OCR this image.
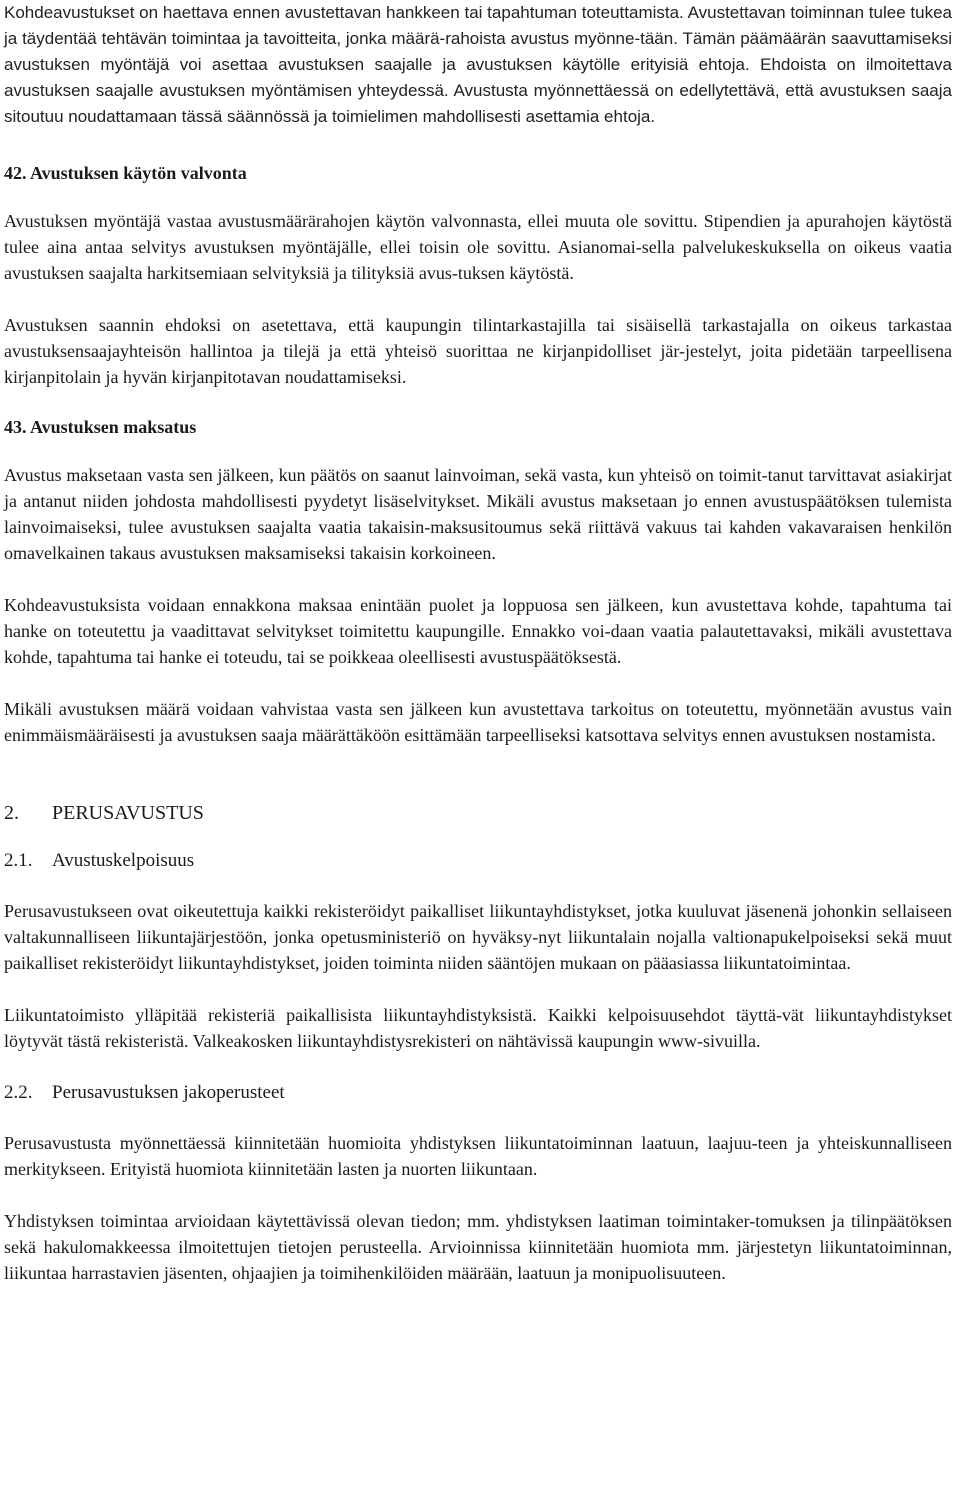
Kohdeavustukset on haettava ennen avustettavan hankkeen tai tapahtuman toteuttamista. Avustettavan toiminnan tulee tukea ja täydentää tehtävän toimintaa ja tavoitteita, jonka määrä-rahoista avustus myönne-tään. Tämän päämäärän saavuttamiseksi avustuksen myöntäjä voi asettaa avustuksen saajalle ja avustuksen käytölle erityisiä ehtoja. Ehdoista on ilmoitettava avustuksen saajalle avustuksen myöntämisen yhteydessä. Avustusta myönnettäessä on edellytettävä, että avustuksen saaja sitoutuu noudattamaan tässä säännössä ja toimielimen mahdollisesti asettamia ehtoja.

42. Avustuksen käytön valvonta

Avustuksen myöntäjä vastaa avustusmäärärahojen käytön valvonnasta, ellei muuta ole sovittu. Stipendien ja apurahojen käytöstä tulee aina antaa selvitys avustuksen myöntäjälle, ellei toisin ole sovittu. Asianomai-sella palvelukeskuksella on oikeus vaatia avustuksen saajalta harkitsemiaan selvityksiä ja tilityksiä avus-tuksen käytöstä.

Avustuksen saannin ehdoksi on asetettava, että kaupungin tilintarkastajilla tai sisäisellä tarkastajalla on oikeus tarkastaa avustuksensaajayhteisön hallintoa ja tilejä ja että yhteisö suorittaa ne kirjanpidolliset jär-jestelyt, joita pidetään tarpeellisena kirjanpitolain ja hyvän kirjanpitotavan noudattamiseksi.

43. Avustuksen maksatus

Avustus maksetaan vasta sen jälkeen, kun päätös on saanut lainvoiman, sekä vasta, kun yhteisö on toimit-tanut tarvittavat asiakirjat ja antanut niiden johdosta mahdollisesti pyydetyt lisäselvitykset. Mikäli avustus maksetaan jo ennen avustuspäätöksen tulemista lainvoimaiseksi, tulee avustuksen saajalta vaatia takaisin-maksusitoumus sekä riittävä vakuus tai kahden vakavaraisen henkilön omavelkainen takaus avustuksen maksamiseksi takaisin korkoineen.

Kohdeavustuksista voidaan ennakkona maksaa enintään puolet ja loppuosa sen jälkeen, kun avustettava kohde, tapahtuma tai hanke on toteutettu ja vaadittavat selvitykset toimitettu kaupungille. Ennakko voi-daan vaatia palautettavaksi, mikäli avustettava kohde, tapahtuma tai hanke ei toteudu, tai se poikkeaa oleellisesti avustuspäätöksestä.

Mikäli avustuksen määrä voidaan vahvistaa vasta sen jälkeen kun avustettava tarkoitus on toteutettu, myönnetään avustus vain enimmäismääräisesti ja avustuksen saaja määrättäköön esittämään tarpeelliseksi katsottava selvitys ennen avustuksen nostamista.

2. PERUSAVUSTUS

2.1. Avustuskelpoisuus

Perusavustukseen ovat oikeutettuja kaikki rekisteröidyt paikalliset liikuntayhdistykset, jotka kuuluvat jäsenenä johonkin sellaiseen valtakunnalliseen liikuntajärjestöön, jonka opetusministeriö on hyväksy-nyt liikuntalain nojalla valtionapukelpoiseksi sekä muut paikalliset rekisteröidyt liikuntayhdistykset, joiden toiminta niiden sääntöjen mukaan on pääasiassa liikuntatoimintaa.

Liikuntatoimisto ylläpitää rekisteriä paikallisista liikuntayhdistyksistä. Kaikki kelpoisuusehdot täyttä-vät liikuntayhdistykset löytyvät tästä rekisteristä. Valkeakosken liikuntayhdistysrekisteri on nähtävissä kaupungin www-sivuilla.

2.2. Perusavustuksen jakoperusteet

Perusavustusta myönnettäessä kiinnitetään huomioita yhdistyksen liikuntatoiminnan laatuun, laajuu-teen ja yhteiskunnalliseen merkitykseen. Erityistä huomiota kiinnitetään lasten ja nuorten liikuntaan.

Yhdistyksen toimintaa arvioidaan käytettävissä olevan tiedon; mm. yhdistyksen laatiman toimintaker-tomuksen ja tilinpäätöksen sekä hakulomakkeessa ilmoitettujen tietojen perusteella. Arvioinnissa kiinnitetään huomiota mm. järjestetyn liikuntatoiminnan, liikuntaa harrastavien jäsenten, ohjaajien ja toimihenkilöiden määrään, laatuun ja monipuolisuuteen.
